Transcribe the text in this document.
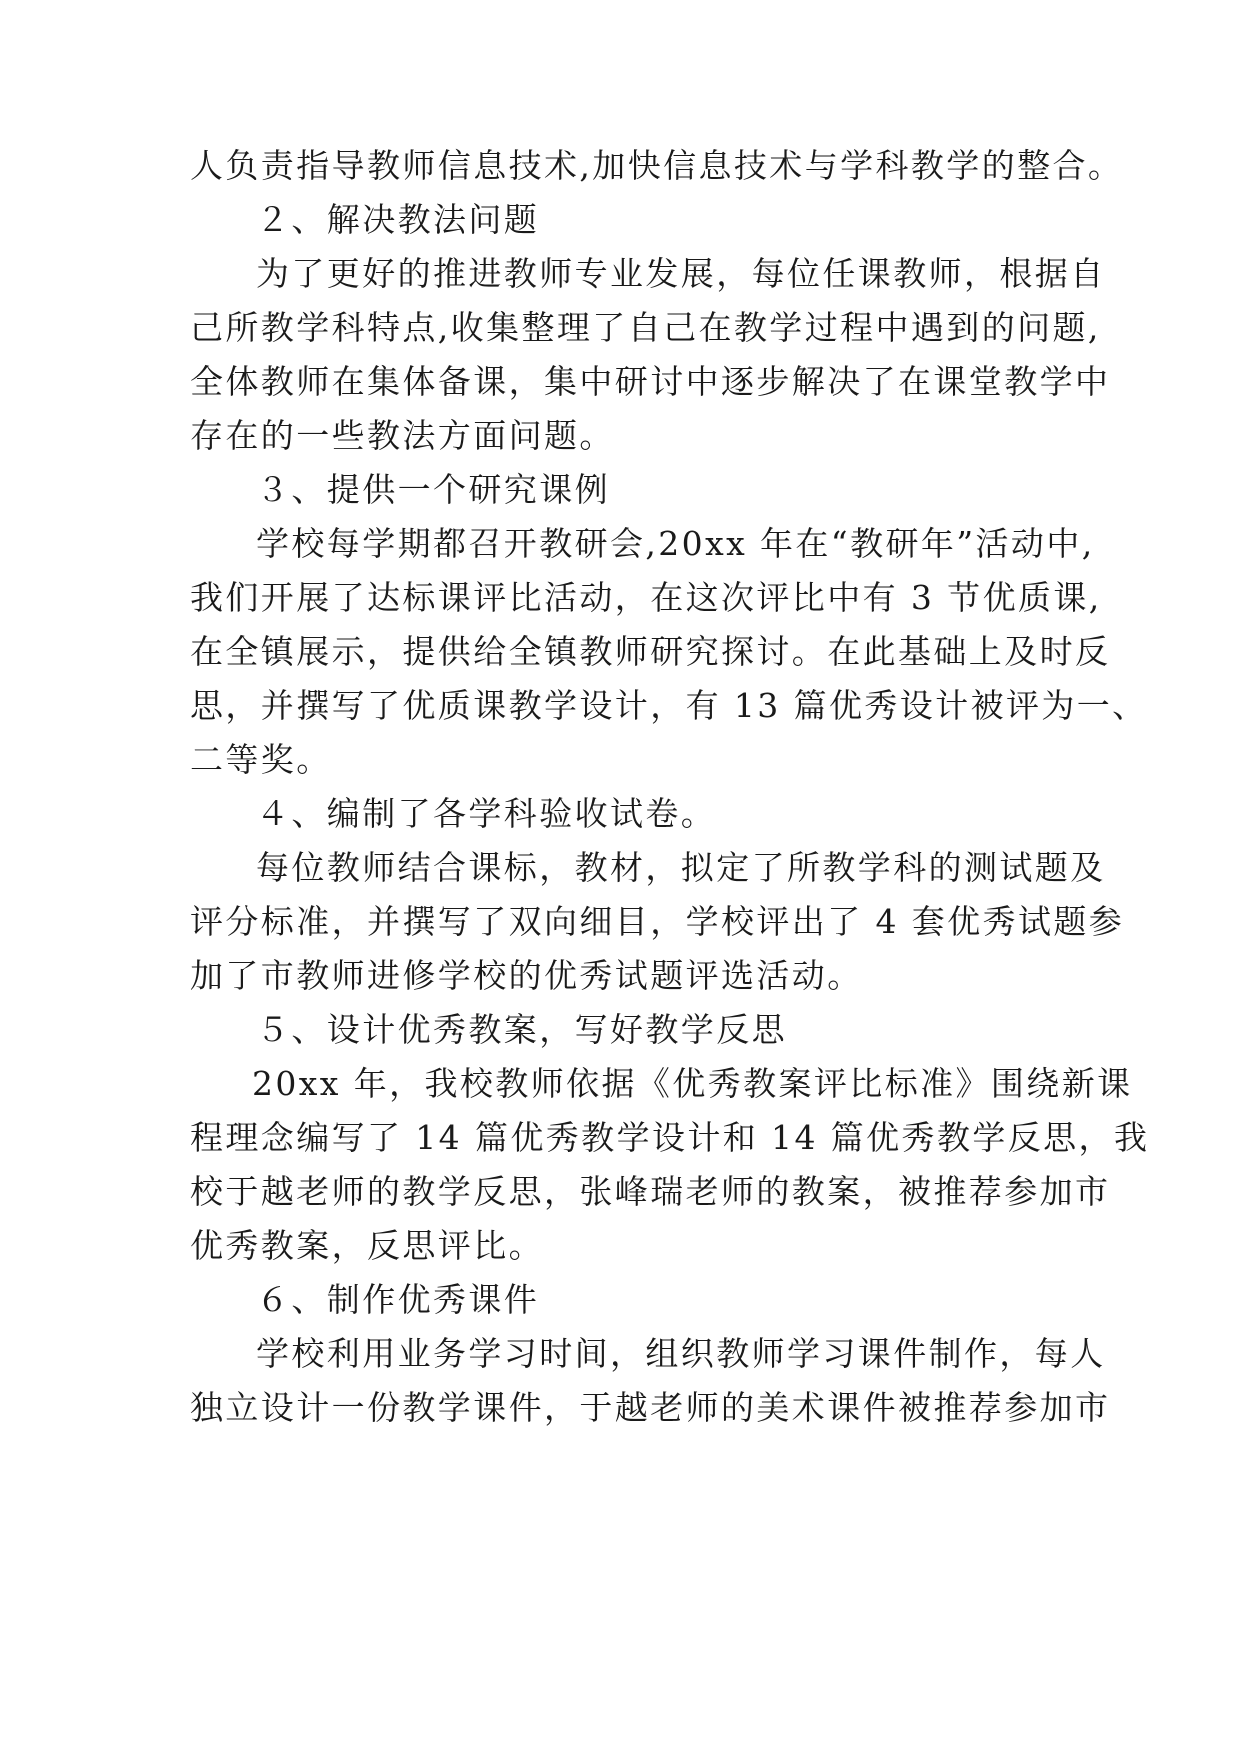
人负责指导教师信息技术,加快信息技术与学科教学的整合。
２、解决教法问题
为了更好的推进教师专业发展，每位任课教师，根据自
己所教学科特点,收集整理了自己在教学过程中遇到的问题,
全体教师在集体备课，集中研讨中逐步解决了在课堂教学中
存在的一些教法方面问题。
３、提供一个研究课例
学校每学期都召开教研会,20xx 年在“教研年”活动中,
我们开展了达标课评比活动，在这次评比中有 3 节优质课,
在全镇展示，提供给全镇教师研究探讨。在此基础上及时反
思，并撰写了优质课教学设计，有 13 篇优秀设计被评为一、
二等奖。
４、编制了各学科验收试卷。
每位教师结合课标，教材，拟定了所教学科的测试题及
评分标准，并撰写了双向细目，学校评出了 4 套优秀试题参
加了市教师进修学校的优秀试题评选活动。
５、设计优秀教案，写好教学反思
20xx 年，我校教师依据《优秀教案评比标准》围绕新课
程理念编写了 14 篇优秀教学设计和 14 篇优秀教学反思，我
校于越老师的教学反思，张峰瑞老师的教案，被推荐参加市
优秀教案，反思评比。
６、制作优秀课件
学校利用业务学习时间，组织教师学习课件制作，每人
独立设计一份教学课件，于越老师的美术课件被推荐参加市
